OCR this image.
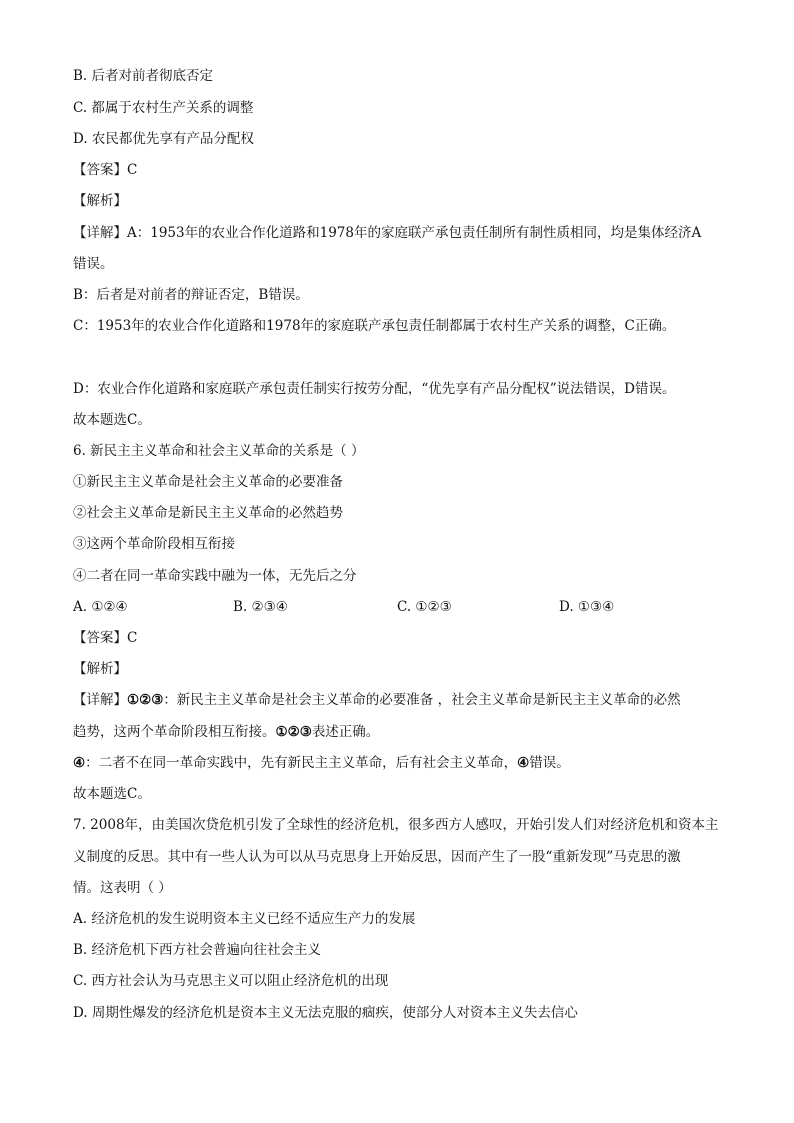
B. 后者对前者彻底否定
C. 都属于农村生产关系的调整
D. 农民都优先享有产品分配权
【答案】C
【解析】
【详解】A：1953年的农业合作化道路和1978年的家庭联产承包责任制所有制性质相同，均是集体经济A
错误。
B：后者是对前者的辩证否定，B错误。
C：1953年的农业合作化道路和1978年的家庭联产承包责任制都属于农村生产关系的调整，C正确。
D：农业合作化道路和家庭联产承包责任制实行按劳分配，“优先享有产品分配权”说法错误，D错误。
故本题选C。
6. 新民主主义革命和社会主义革命的关系是（ ）
①新民主主义革命是社会主义革命的必要准备
②社会主义革命是新民主主义革命的必然趋势
③这两个革命阶段相互衔接
④二者在同一革命实践中融为一体，无先后之分
A. ①②④	B. ②③④	C. ①②③	D. ①③④
【答案】C
【解析】
【详解】①②③：新民主主义革命是社会主义革命的必要准备 ，社会主义革命是新民主主义革命的必然
趋势，这两个革命阶段相互衔接。①②③表述正确。
④：二者不在同一革命实践中，先有新民主主义革命，后有社会主义革命，④错误。
故本题选C。
7. 2008年，由美国次贷危机引发了全球性的经济危机，很多西方人感叹，开始引发人们对经济危机和资本主
义制度的反思。其中有一些人认为可以从马克思身上开始反思，因而产生了一股“重新发现”马克思的激
情。这表明（ ）
A. 经济危机的发生说明资本主义已经不适应生产力的发展
B. 经济危机下西方社会普遍向往社会主义
C. 西方社会认为马克思主义可以阻止经济危机的出现
D. 周期性爆发的经济危机是资本主义无法克服的痼疾，使部分人对资本主义失去信心
